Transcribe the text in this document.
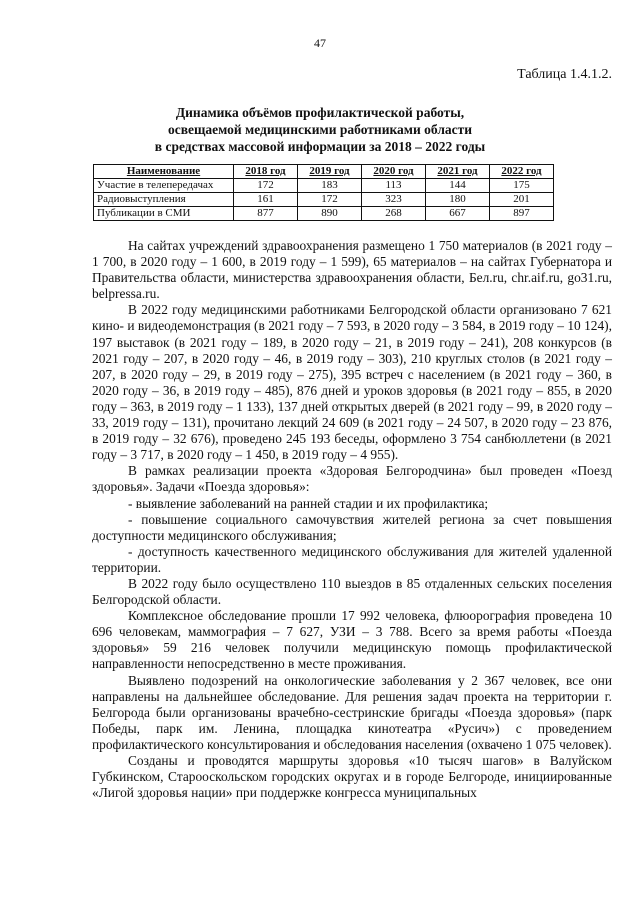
47
Таблица 1.4.1.2.
Динамика объёмов профилактической работы,
освещаемой медицинскими работниками области
в средствах массовой информации за 2018 – 2022 годы
Наименование	2018 год	2019 год	2020 год	2021 год	2022 год
Участие в телепередачах	172	183	113	144	175
Радиовыступления	161	172	323	180	201
Публикации в СМИ	877	890	268	667	897

На сайтах учреждений здравоохранения размещено 1 750 материалов (в 2021 году – 1 700, в 2020 году – 1 600, в 2019 году – 1 599), 65 материалов – на сайтах Губернатора и Правительства области, министерства здравоохранения области, Бел.ru, chr.aif.ru, go31.ru, belpressa.ru.

В 2022 году медицинскими работниками Белгородской области организовано 7 621 кино- и видеодемонстрация (в 2021 году – 7 593, в 2020 году – 3 584, в 2019 году – 10 124), 197 выставок (в 2021 году – 189, в 2020 году – 21, в 2019 году – 241), 208 конкурсов (в 2021 году – 207, в 2020 году – 46, в 2019 году – 303), 210 круглых столов (в 2021 году – 207, в 2020 году – 29, в 2019 году – 275), 395 встреч с населением (в 2021 году – 360, в 2020 году – 36, в 2019 году – 485), 876 дней и уроков здоровья (в 2021 году – 855, в 2020 году – 363, в 2019 году – 1 133), 137 дней открытых дверей (в 2021 году – 99, в 2020 году – 33, 2019 году – 131), прочитано лекций 24 609 (в 2021 году – 24 507, в 2020 году – 23 876, в 2019 году – 32 676), проведено 245 193 беседы, оформлено 3 754 санбюллетени (в 2021 году – 3 717, в 2020 году – 1 450, в 2019 году – 4 955).

В рамках реализации проекта «Здоровая Белгородчина» был проведен «Поезд здоровья». Задачи «Поезда здоровья»:

- выявление заболеваний на ранней стадии и их профилактика;

- повышение социального самочувствия жителей региона за счет повышения доступности медицинского обслуживания;

- доступность качественного медицинского обслуживания для жителей удаленной территории.

В 2022 году было осуществлено 110 выездов в 85 отдаленных сельских поселения Белгородской области.

Комплексное обследование прошли 17 992 человека, флюорография проведена 10 696 человекам, маммография – 7 627, УЗИ – 3 788. Всего за время работы «Поезда здоровья» 59 216 человек получили медицинскую помощь профилактической направленности непосредственно в месте проживания.

Выявлено подозрений на онкологические заболевания у 2 367 человек, все они направлены на дальнейшее обследование. Для решения задач проекта на территории г. Белгорода были организованы врачебно-сестринские бригады «Поезда здоровья» (парк Победы, парк им. Ленина, площадка кинотеатра «Русич») с проведением профилактического консультирования и обследования населения (охвачено 1 075 человек).

Созданы и проводятся маршруты здоровья «10 тысяч шагов» в Валуйском Губкинском, Старооскольском городских округах и в городе Белгороде, инициированные «Лигой здоровья нации» при поддержке конгресса муниципальных
